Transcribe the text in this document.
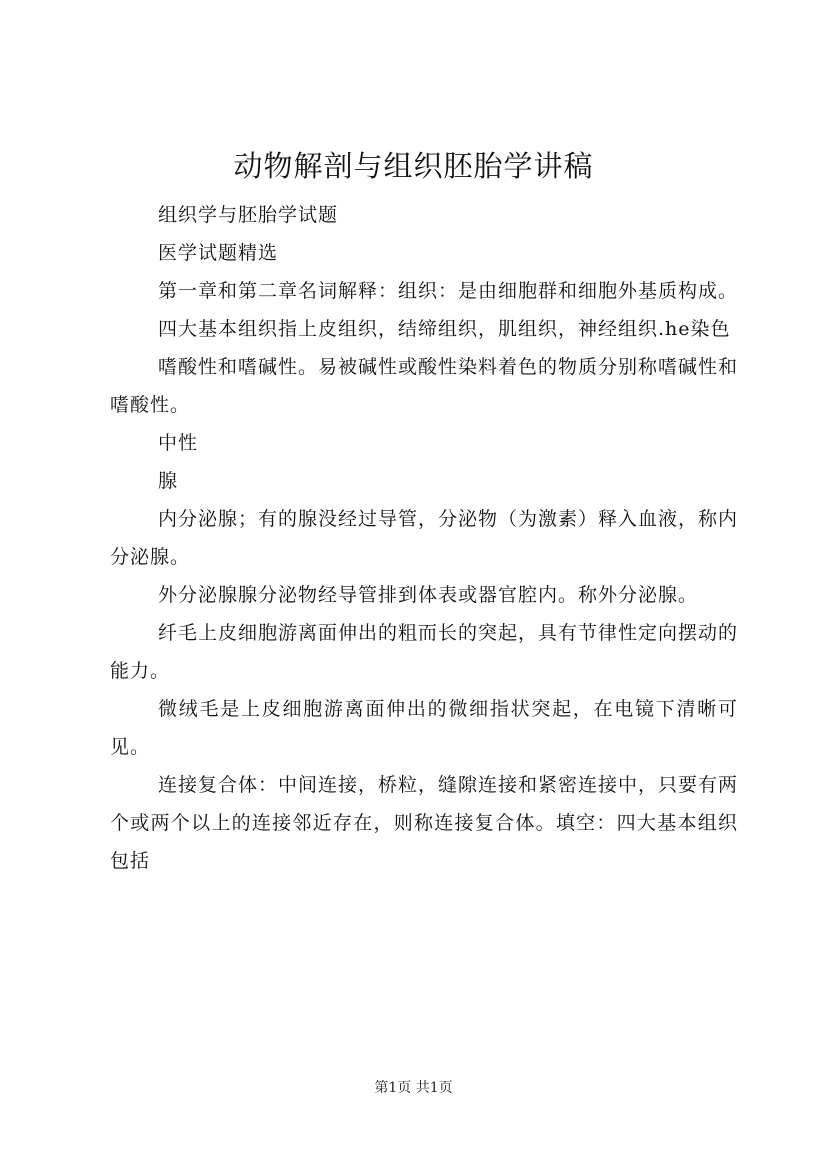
动物解剖与组织胚胎学讲稿

组织学与胚胎学试题

医学试题精选

第一章和第二章名词解释：组织：是由细胞群和细胞外基质构成。

四大基本组织指上皮组织，结缔组织，肌组织，神经组织.he染色

嗜酸性和嗜碱性。易被碱性或酸性染料着色的物质分别称嗜碱性和嗜酸性。

中性

腺

内分泌腺；有的腺没经过导管，分泌物（为激素）释入血液，称内分泌腺。

外分泌腺腺分泌物经导管排到体表或器官腔内。称外分泌腺。

纤毛上皮细胞游离面伸出的粗而长的突起，具有节律性定向摆动的能力。

微绒毛是上皮细胞游离面伸出的微细指状突起，在电镜下清晰可见。

连接复合体：中间连接，桥粒，缝隙连接和紧密连接中，只要有两个或两个以上的连接邻近存在，则称连接复合体。填空：四大基本组织包括

第1页 共1页
